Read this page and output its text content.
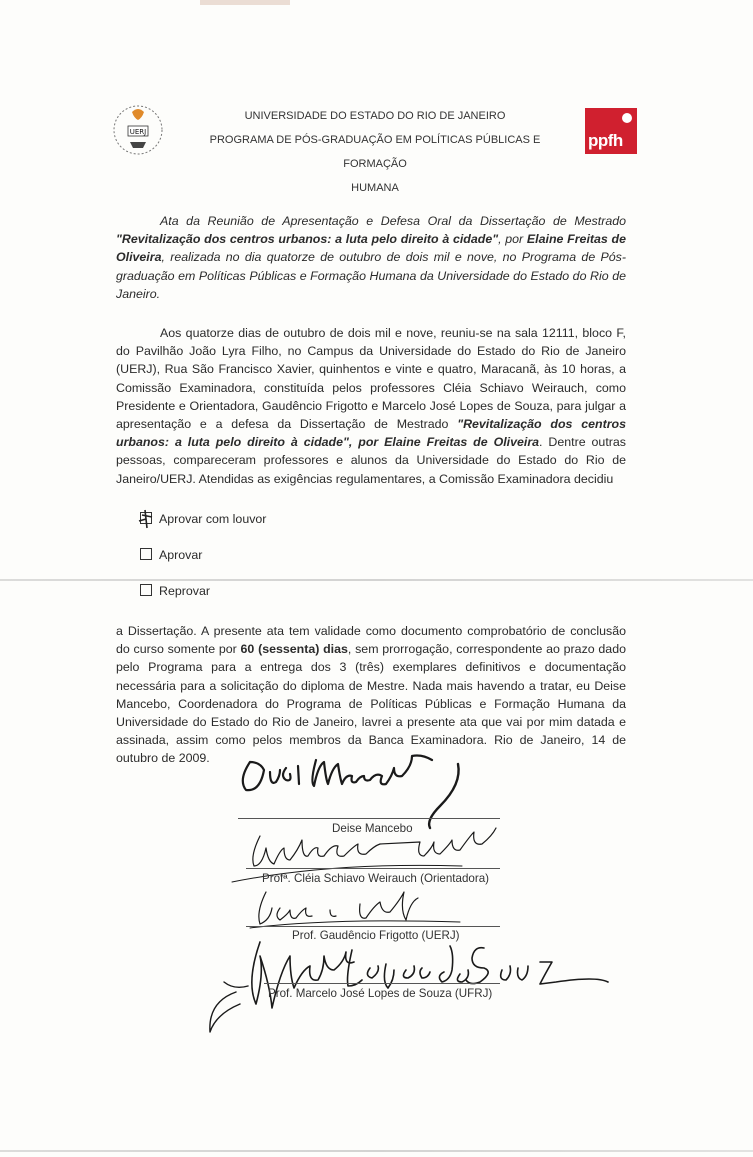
UERJ
UNIVERSIDADE DO ESTADO DO RIO DE JANEIRO
PROGRAMA DE PÓS-GRADUAÇÃO EM POLÍTICAS PÚBLICAS E FORMAÇÃO
HUMANA
ppfh
Ata da Reunião de Apresentação e Defesa Oral da Dissertação de Mestrado "Revitalização dos centros urbanos: a luta pelo direito à cidade", por Elaine Freitas de Oliveira, realizada no dia quatorze de outubro de dois mil e nove, no Programa de Pós-graduação em Políticas Públicas e Formação Humana da Universidade do Estado do Rio de Janeiro.
Aos quatorze dias de outubro de dois mil e nove, reuniu-se na sala 12111, bloco F, do Pavilhão João Lyra Filho, no Campus da Universidade do Estado do Rio de Janeiro (UERJ), Rua São Francisco Xavier, quinhentos e vinte e quatro, Maracanã, às 10 horas, a Comissão Examinadora, constituída pelos professores Cléia Schiavo Weirauch, como Presidente e Orientadora, Gaudêncio Frigotto e Marcelo José Lopes de Souza, para julgar a apresentação e a defesa da Dissertação de Mestrado "Revitalização dos centros urbanos: a luta pelo direito à cidade", por Elaine Freitas de Oliveira. Dentre outras pessoas, compareceram professores e alunos da Universidade do Estado do Rio de Janeiro/UERJ. Atendidas as exigências regulamentares, a Comissão Examinadora decidiu
Aprovar com louvor
Aprovar
Reprovar
a Dissertação. A presente ata tem validade como documento comprobatório de conclusão do curso somente por 60 (sessenta) dias, sem prorrogação, correspondente ao prazo dado pelo Programa para a entrega dos 3 (três) exemplares definitivos e documentação necessária para a solicitação do diploma de Mestre. Nada mais havendo a tratar, eu Deise Mancebo, Coordenadora do Programa de Políticas Públicas e Formação Humana da Universidade do Estado do Rio de Janeiro, lavrei a presente ata que vai por mim datada e assinada, assim como pelos membros da Banca Examinadora. Rio de Janeiro, 14 de outubro de 2009.
Deise Mancebo
Profª. Cléia Schiavo Weirauch (Orientadora)
Prof. Gaudêncio Frigotto (UERJ)
Prof. Marcelo José Lopes de Souza (UFRJ)
